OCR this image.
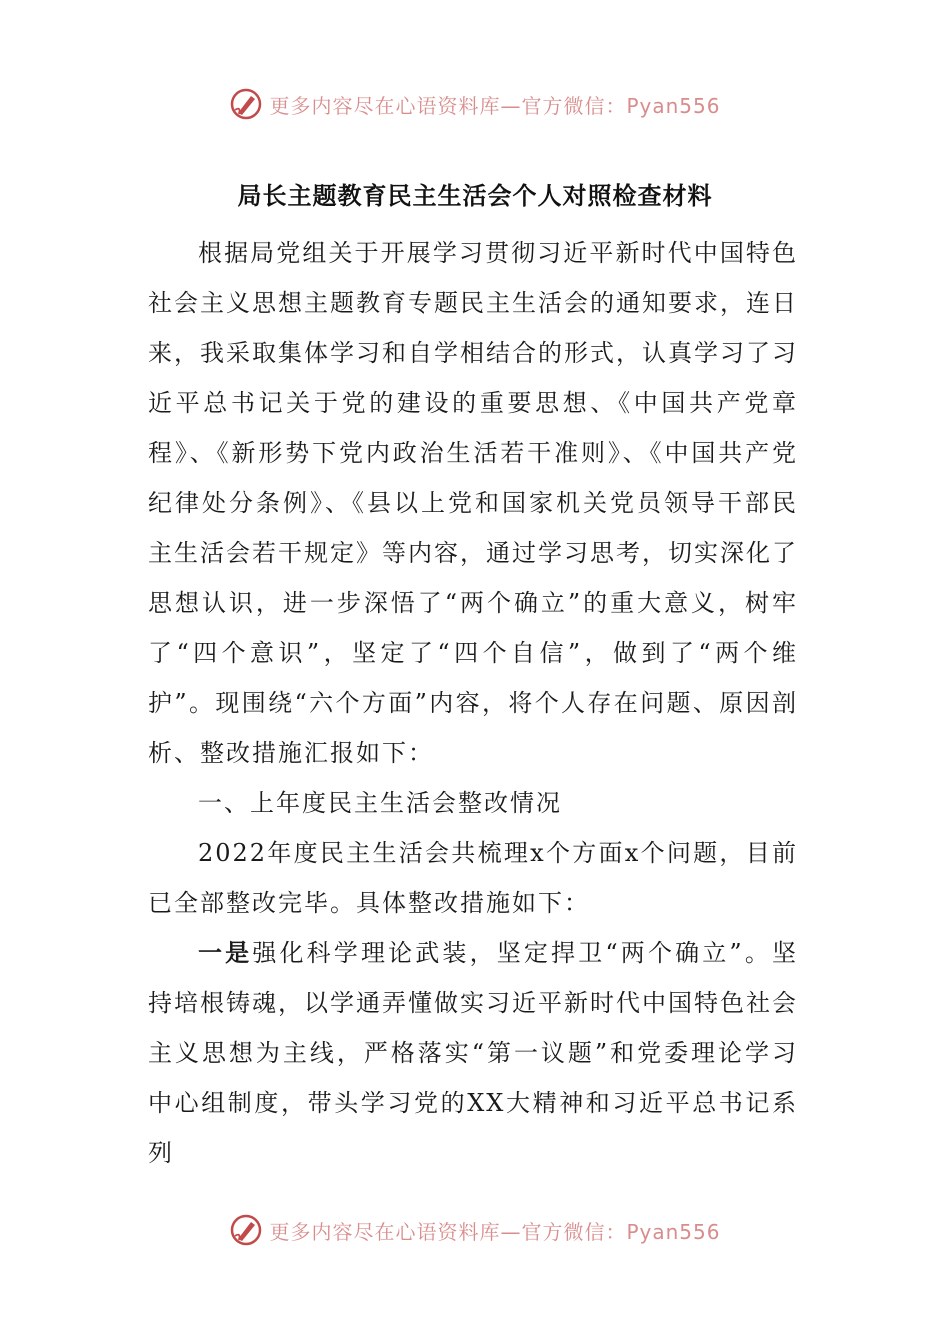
更多内容尽在心语资料库—官方微信：Pyan556
局长主题教育民主生活会个人对照检查材料

根据局党组关于开展学习贯彻习近平新时代中国特色社会主义思想主题教育专题民主生活会的通知要求，连日来，我采取集体学习和自学相结合的形式，认真学习了习近平总书记关于党的建设的重要思想、《中国共产党章程》、《新形势下党内政治生活若干准则》、《中国共产党纪律处分条例》、《县以上党和国家机关党员领导干部民主生活会若干规定》等内容，通过学习思考，切实深化了思想认识，进一步深悟了“两个确立”的重大意义，树牢了“四个意识”，坚定了“四个自信”，做到了“两个维护”。现围绕“六个方面”内容，将个人存在问题、原因剖析、整改措施汇报如下：

一、上年度民主生活会整改情况

2022年度民主生活会共梳理x个方面x个问题，目前已全部整改完毕。具体整改措施如下：

一是强化科学理论武装，坚定捍卫“两个确立”。坚持培根铸魂，以学通弄懂做实习近平新时代中国特色社会主义思想为主线，严格落实“第一议题”和党委理论学习中心组制度，带头学习党的XX大精神和习近平总书记系列

更多内容尽在心语资料库—官方微信：Pyan556
